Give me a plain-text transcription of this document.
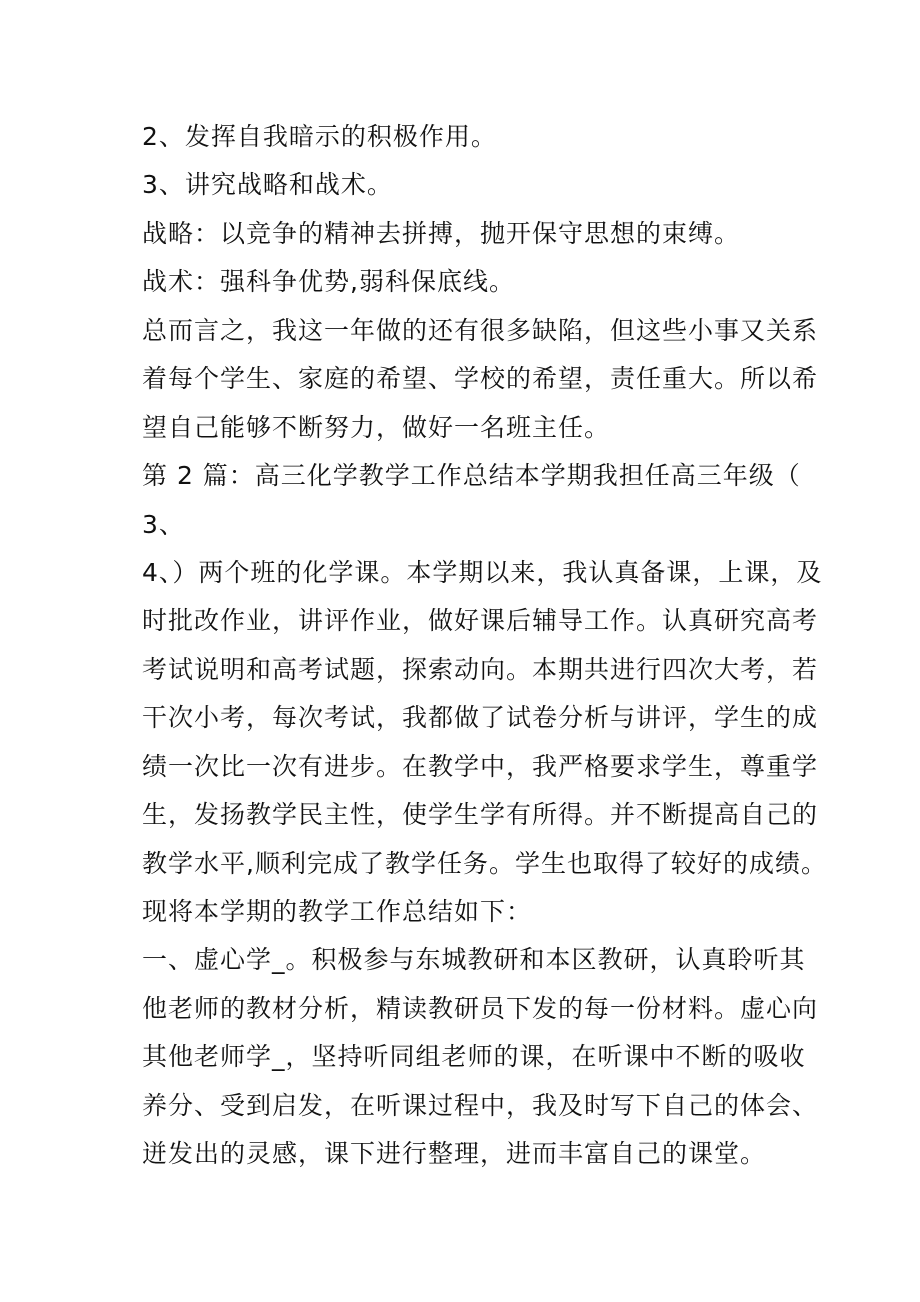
2、发挥自我暗示的积极作用。
3、讲究战略和战术。
战略：以竞争的精神去拼搏，抛开保守思想的束缚。
战术：强科争优势,弱科保底线。
总而言之，我这一年做的还有很多缺陷，但这些小事又关系
着每个学生、家庭的希望、学校的希望，责任重大。所以希
望自己能够不断努力，做好一名班主任。
第 2 篇：高三化学教学工作总结本学期我担任高三年级（
3、
4、）两个班的化学课。本学期以来，我认真备课，上课，及
时批改作业，讲评作业，做好课后辅导工作。认真研究高考
考试说明和高考试题，探索动向。本期共进行四次大考，若
干次小考，每次考试，我都做了试卷分析与讲评，学生的成
绩一次比一次有进步。在教学中，我严格要求学生，尊重学
生，发扬教学民主性，使学生学有所得。并不断提高自己的
教学水平,顺利完成了教学任务。学生也取得了较好的成绩。
现将本学期的教学工作总结如下：
一、虚心学_。积极参与东城教研和本区教研，认真聆听其
他老师的教材分析，精读教研员下发的每一份材料。虚心向
其他老师学_，坚持听同组老师的课，在听课中不断的吸收
养分、受到启发，在听课过程中，我及时写下自己的体会、
迸发出的灵感，课下进行整理，进而丰富自己的课堂。
